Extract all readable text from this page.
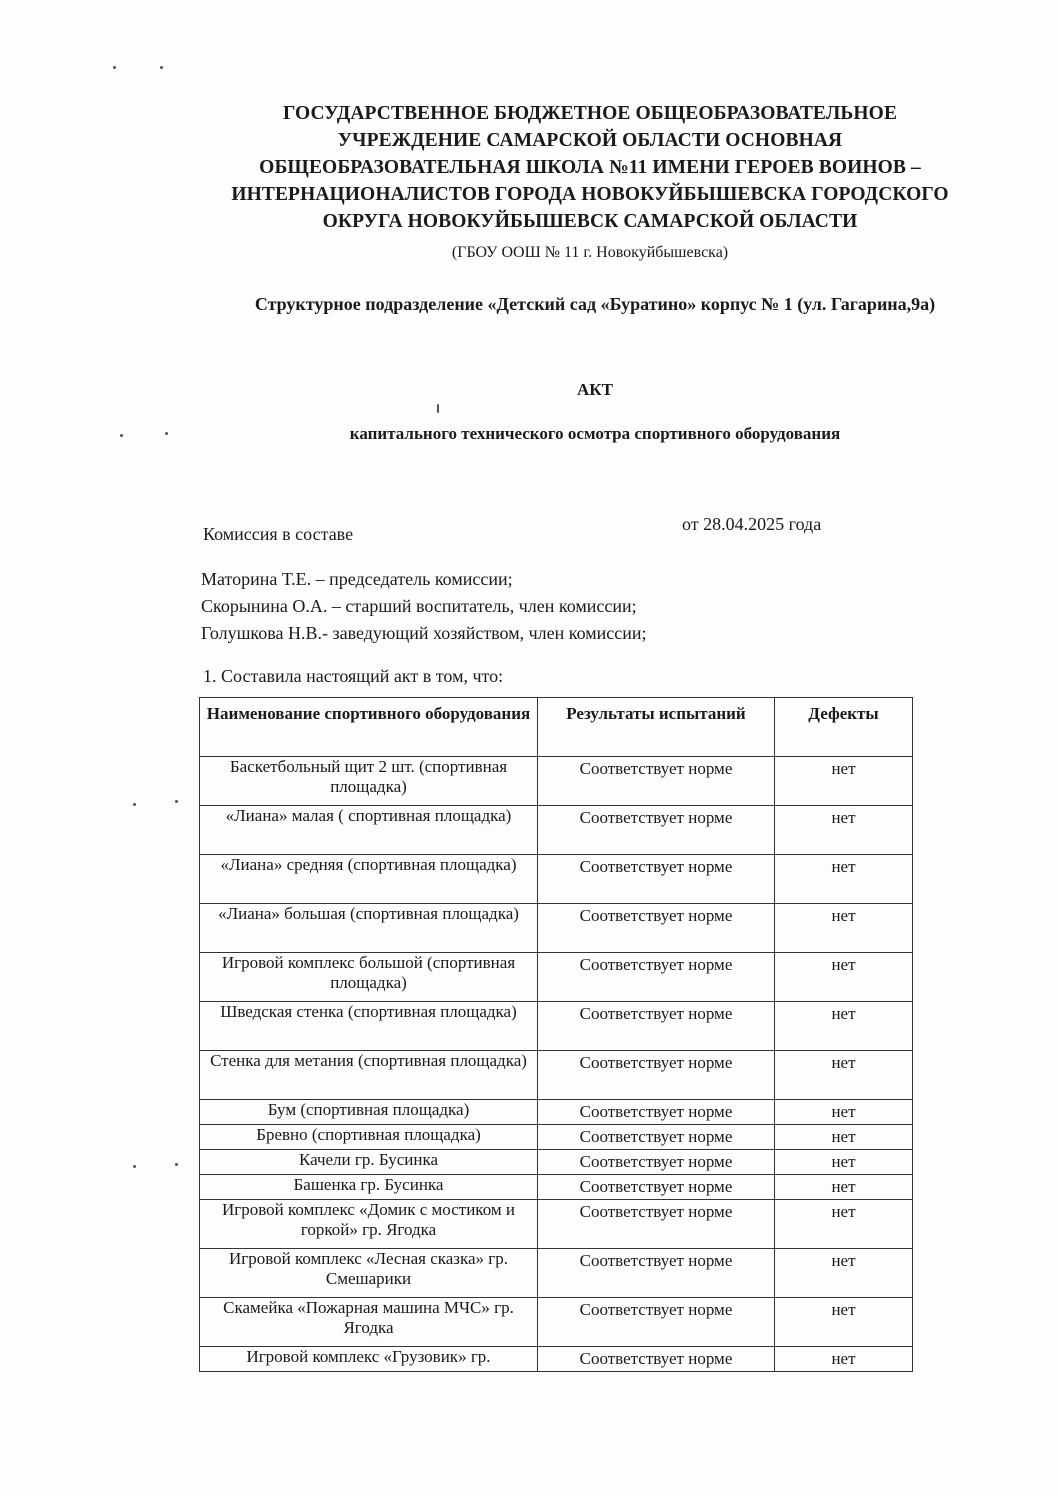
ГОСУДАРСТВЕННОЕ БЮДЖЕТНОЕ ОБЩЕОБРАЗОВАТЕЛЬНОЕ
УЧРЕЖДЕНИЕ САМАРСКОЙ ОБЛАСТИ ОСНОВНАЯ
ОБЩЕОБРАЗОВАТЕЛЬНАЯ ШКОЛА №11 ИМЕНИ ГЕРОЕВ ВОИНОВ –
ИНТЕРНАЦИОНАЛИСТОВ ГОРОДА НОВОКУЙБЫШЕВСКА ГОРОДСКОГО
ОКРУГА НОВОКУЙБЫШЕВСК САМАРСКОЙ ОБЛАСТИ
(ГБОУ ООШ № 11 г. Новокуйбышевска)
Структурное подразделение «Детский сад «Буратино» корпус № 1 (ул. Гагарина,9а)
АКТ
капитального технического осмотра спортивного оборудования
Комиссия в составе	от 28.04.2025 года
Маторина Т.Е. – председатель комиссии;
Скорынина О.А. – старший воспитатель, член комиссии;
Голушкова Н.В.- заведующий хозяйством, член комиссии;
1. Составила настоящий акт в том, что:
Наименование спортивного оборудования	Результаты испытаний	Дефекты
Баскетбольный щит 2 шт. (спортивная площадка)	Соответствует норме	нет
«Лиана» малая ( спортивная площадка)	Соответствует норме	нет
«Лиана» средняя (спортивная площадка)	Соответствует норме	нет
«Лиана» большая (спортивная площадка)	Соответствует норме	нет
Игровой комплекс большой (спортивная площадка)	Соответствует норме	нет
Шведская стенка (спортивная площадка)	Соответствует норме	нет
Стенка для метания (спортивная площадка)	Соответствует норме	нет
Бум (спортивная площадка)	Соответствует норме	нет
Бревно (спортивная площадка)	Соответствует норме	нет
Качели гр. Бусинка	Соответствует норме	нет
Башенка гр. Бусинка	Соответствует норме	нет
Игровой комплекс «Домик с мостиком и горкой» гр. Ягодка	Соответствует норме	нет
Игровой комплекс «Лесная сказка» гр. Смешарики	Соответствует норме	нет
Скамейка «Пожарная машина МЧС» гр. Ягодка	Соответствует норме	нет
Игровой комплекс «Грузовик» гр.	Соответствует норме	нет
